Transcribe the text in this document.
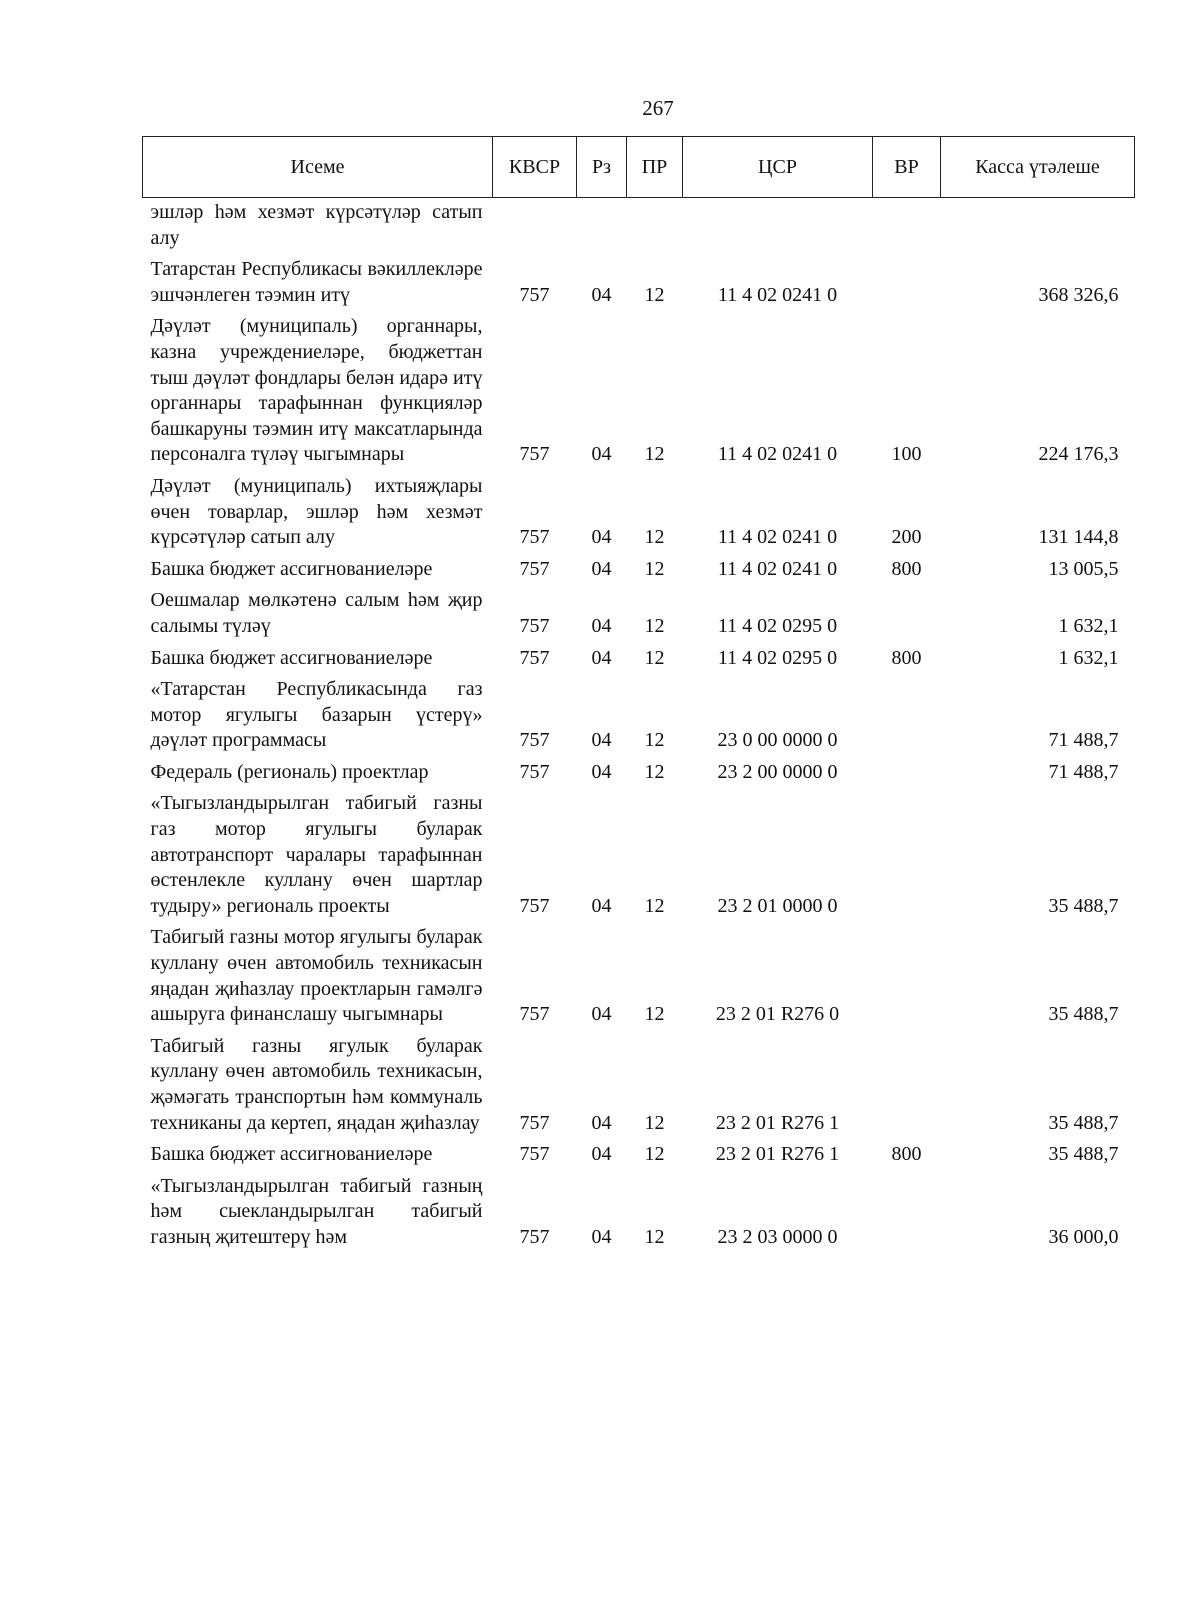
267
Исеме	КВСР	Рз	ПР	ЦСР	ВР	Касса үтәлеше
эшләр һәм хезмәт күрсәтүләр сатып алу						
Татарстан Республикасы вәкиллекләре эшчәнлеген тәэмин итү	757	04	12	11 4 02 0241 0		368 326,6
Дәүләт (муниципаль) органнары, казна учреждениеләре, бюджеттан тыш дәүләт фондлары белән идарә итү органнары тарафыннан функцияләр башкаруны тәэмин итү максатларында персоналга түләү чыгымнары	757	04	12	11 4 02 0241 0	100	224 176,3
Дәүләт (муниципаль) ихтыяҗлары өчен товарлар, эшләр һәм хезмәт күрсәтүләр сатып алу	757	04	12	11 4 02 0241 0	200	131 144,8
Башка бюджет ассигнованиеләре	757	04	12	11 4 02 0241 0	800	13 005,5
Оешмалар мөлкәтенә салым һәм җир салымы түләү	757	04	12	11 4 02 0295 0		1 632,1
Башка бюджет ассигнованиеләре	757	04	12	11 4 02 0295 0	800	1 632,1
«Татарстан Республикасында газ мотор ягулыгы базарын үстерү» дәүләт программасы	757	04	12	23 0 00 0000 0		71 488,7
Федераль (региональ) проектлар	757	04	12	23 2 00 0000 0		71 488,7
«Тыгызландырылган табигый газны газ мотор ягулыгы буларак автотранспорт чаралары тарафыннан өстенлекле куллану өчен шартлар тудыру» региональ проекты	757	04	12	23 2 01 0000 0		35 488,7
Табигый газны мотор ягулыгы буларак куллану өчен автомобиль техникасын яңадан җиһазлау проектларын гамәлгә ашыруга финанслашу чыгымнары	757	04	12	23 2 01 R276 0		35 488,7
Табигый газны ягулык буларак куллану өчен автомобиль техникасын, җәмәгать транспортын һәм коммуналь техниканы да кертеп, яңадан җиһазлау	757	04	12	23 2 01 R276 1		35 488,7
Башка бюджет ассигнованиеләре	757	04	12	23 2 01 R276 1	800	35 488,7
«Тыгызландырылган табигый газның һәм сыекландырылган табигый газның җитештерү һәм	757	04	12	23 2 03 0000 0		36 000,0
